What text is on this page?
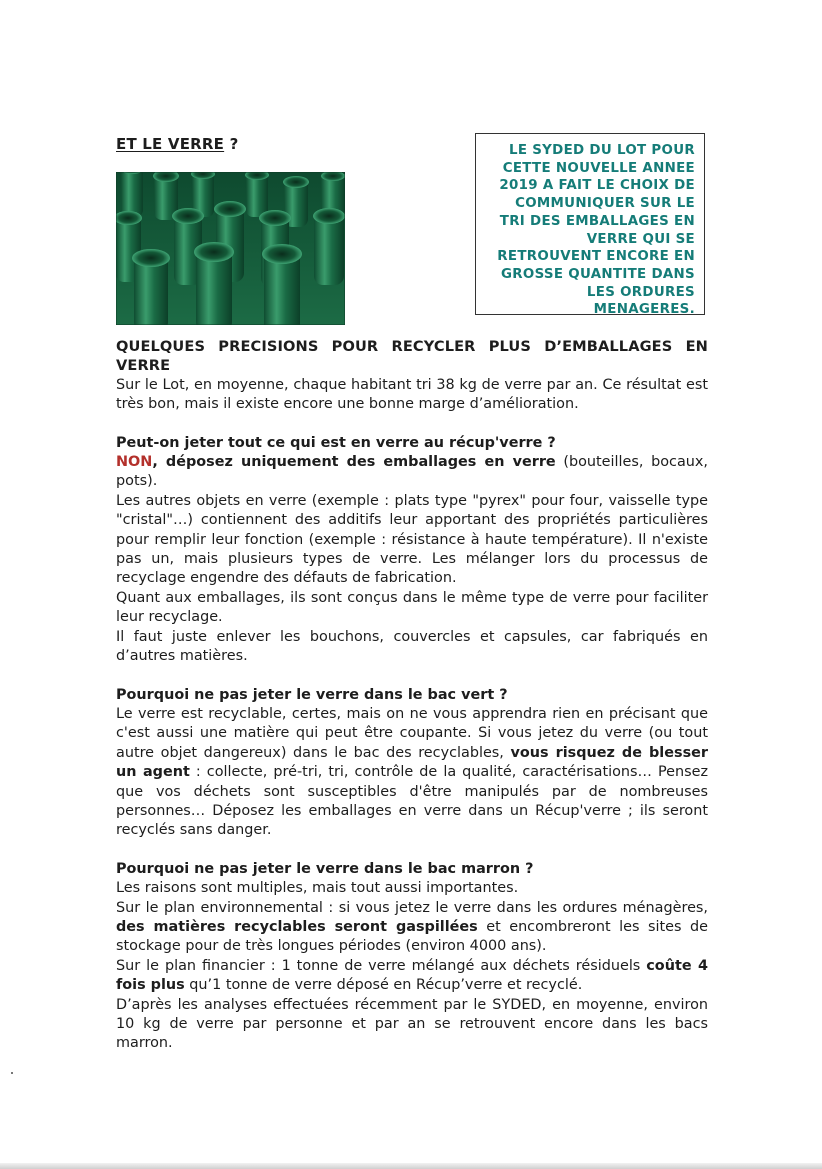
ET LE VERRE ?	LE SYDED DU LOT POUR
CETTE NOUVELLE ANNEE
2019 A FAIT LE CHOIX DE
COMMUNIQUER SUR LE
TRI DES EMBALLAGES EN
VERRE QUI SE
RETROUVENT ENCORE EN
GROSSE QUANTITE DANS
LES ORDURES
MENAGERES.

QUELQUES PRECISIONS POUR RECYCLER PLUS D’EMBALLAGES EN VERRE

Sur le Lot, en moyenne, chaque habitant tri 38 kg de verre par an. Ce résultat est très bon, mais il existe encore une bonne marge d’amélioration.

Peut-on jeter tout ce qui est en verre au récup'verre ?

NON, déposez uniquement des emballages en verre (bouteilles, bocaux, pots).

Les autres objets en verre (exemple : plats type "pyrex" pour four, vaisselle type "cristal"…) contiennent des additifs leur apportant des propriétés particulières pour remplir leur fonction (exemple : résistance à haute température). Il n'existe pas un, mais plusieurs types de verre. Les mélanger lors du processus de recyclage engendre des défauts de fabrication.

Quant aux emballages, ils sont conçus dans le même type de verre pour faciliter leur recyclage.

Il faut juste enlever les bouchons, couvercles et capsules, car fabriqués en d’autres matières.

Pourquoi ne pas jeter le verre dans le bac vert ?

Le verre est recyclable, certes, mais on ne vous apprendra rien en précisant que c'est aussi une matière qui peut être coupante. Si vous jetez du verre (ou tout autre objet dangereux) dans le bac des recyclables, vous risquez de blesser un agent : collecte, pré-tri, tri, contrôle de la qualité, caractérisations… Pensez que vos déchets sont susceptibles d'être manipulés par de nombreuses personnes… Déposez les emballages en verre dans un Récup'verre ; ils seront recyclés sans danger.

Pourquoi ne pas jeter le verre dans le bac marron ?

Les raisons sont multiples, mais tout aussi importantes.

Sur le plan environnemental : si vous jetez le verre dans les ordures ménagères, des matières recyclables seront gaspillées et encombreront les sites de stockage pour de très longues périodes (environ 4000 ans).

Sur le plan financier : 1 tonne de verre mélangé aux déchets résiduels coûte 4 fois plus qu’1 tonne de verre déposé en Récup’verre et recyclé.

D’après les analyses effectuées récemment par le SYDED, en moyenne, environ 10 kg de verre par personne et par an se retrouvent encore dans les bacs marron.
